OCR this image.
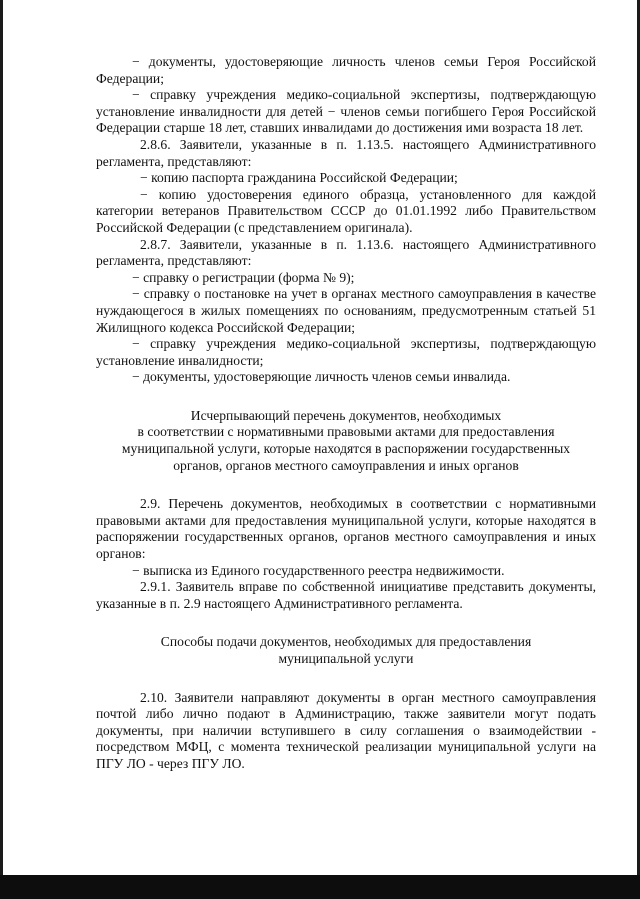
− документы, удостоверяющие личность членов семьи Героя Российской Федерации;

− справку учреждения медико-социальной экспертизы, подтверждающую установление инвалидности для детей − членов семьи погибшего Героя Российской Федерации старше 18 лет, ставших инвалидами до достижения ими возраста 18 лет.

2.8.6. Заявители, указанные в п. 1.13.5. настоящего Административного регламента, представляют:

− копию паспорта гражданина Российской Федерации;

− копию удостоверения единого образца, установленного для каждой категории ветеранов Правительством СССР до 01.01.1992 либо Правительством Российской Федерации (с представлением оригинала).

2.8.7. Заявители, указанные в п. 1.13.6. настоящего Административного регламента, представляют:

− справку о регистрации (форма № 9);

− справку о постановке на учет в органах местного самоуправления в качестве нуждающегося в жилых помещениях по основаниям, предусмотренным статьей 51 Жилищного кодекса Российской Федерации;

− справку учреждения медико-социальной экспертизы, подтверждающую установление инвалидности;

− документы, удостоверяющие личность членов семьи инвалида.

Исчерпывающий перечень документов, необходимых

в соответствии с нормативными правовыми актами для предоставления

муниципальной услуги, которые находятся в распоряжении государственных

органов, органов местного самоуправления и иных органов

2.9. Перечень документов, необходимых в соответствии с нормативными правовыми актами для предоставления муниципальной услуги, которые находятся в распоряжении государственных органов, органов местного самоуправления и иных органов:

− выписка из Единого государственного реестра недвижимости.

2.9.1. Заявитель вправе по собственной инициативе представить документы, указанные в п. 2.9 настоящего Административного регламента.

Способы подачи документов, необходимых для предоставления

муниципальной услуги

2.10. Заявители направляют документы в орган местного самоуправления почтой либо лично подают в Администрацию, также заявители могут подать документы, при наличии вступившего в силу соглашения о взаимодействии - посредством МФЦ, с момента технической реализации муниципальной услуги на ПГУ ЛО - через ПГУ ЛО.
